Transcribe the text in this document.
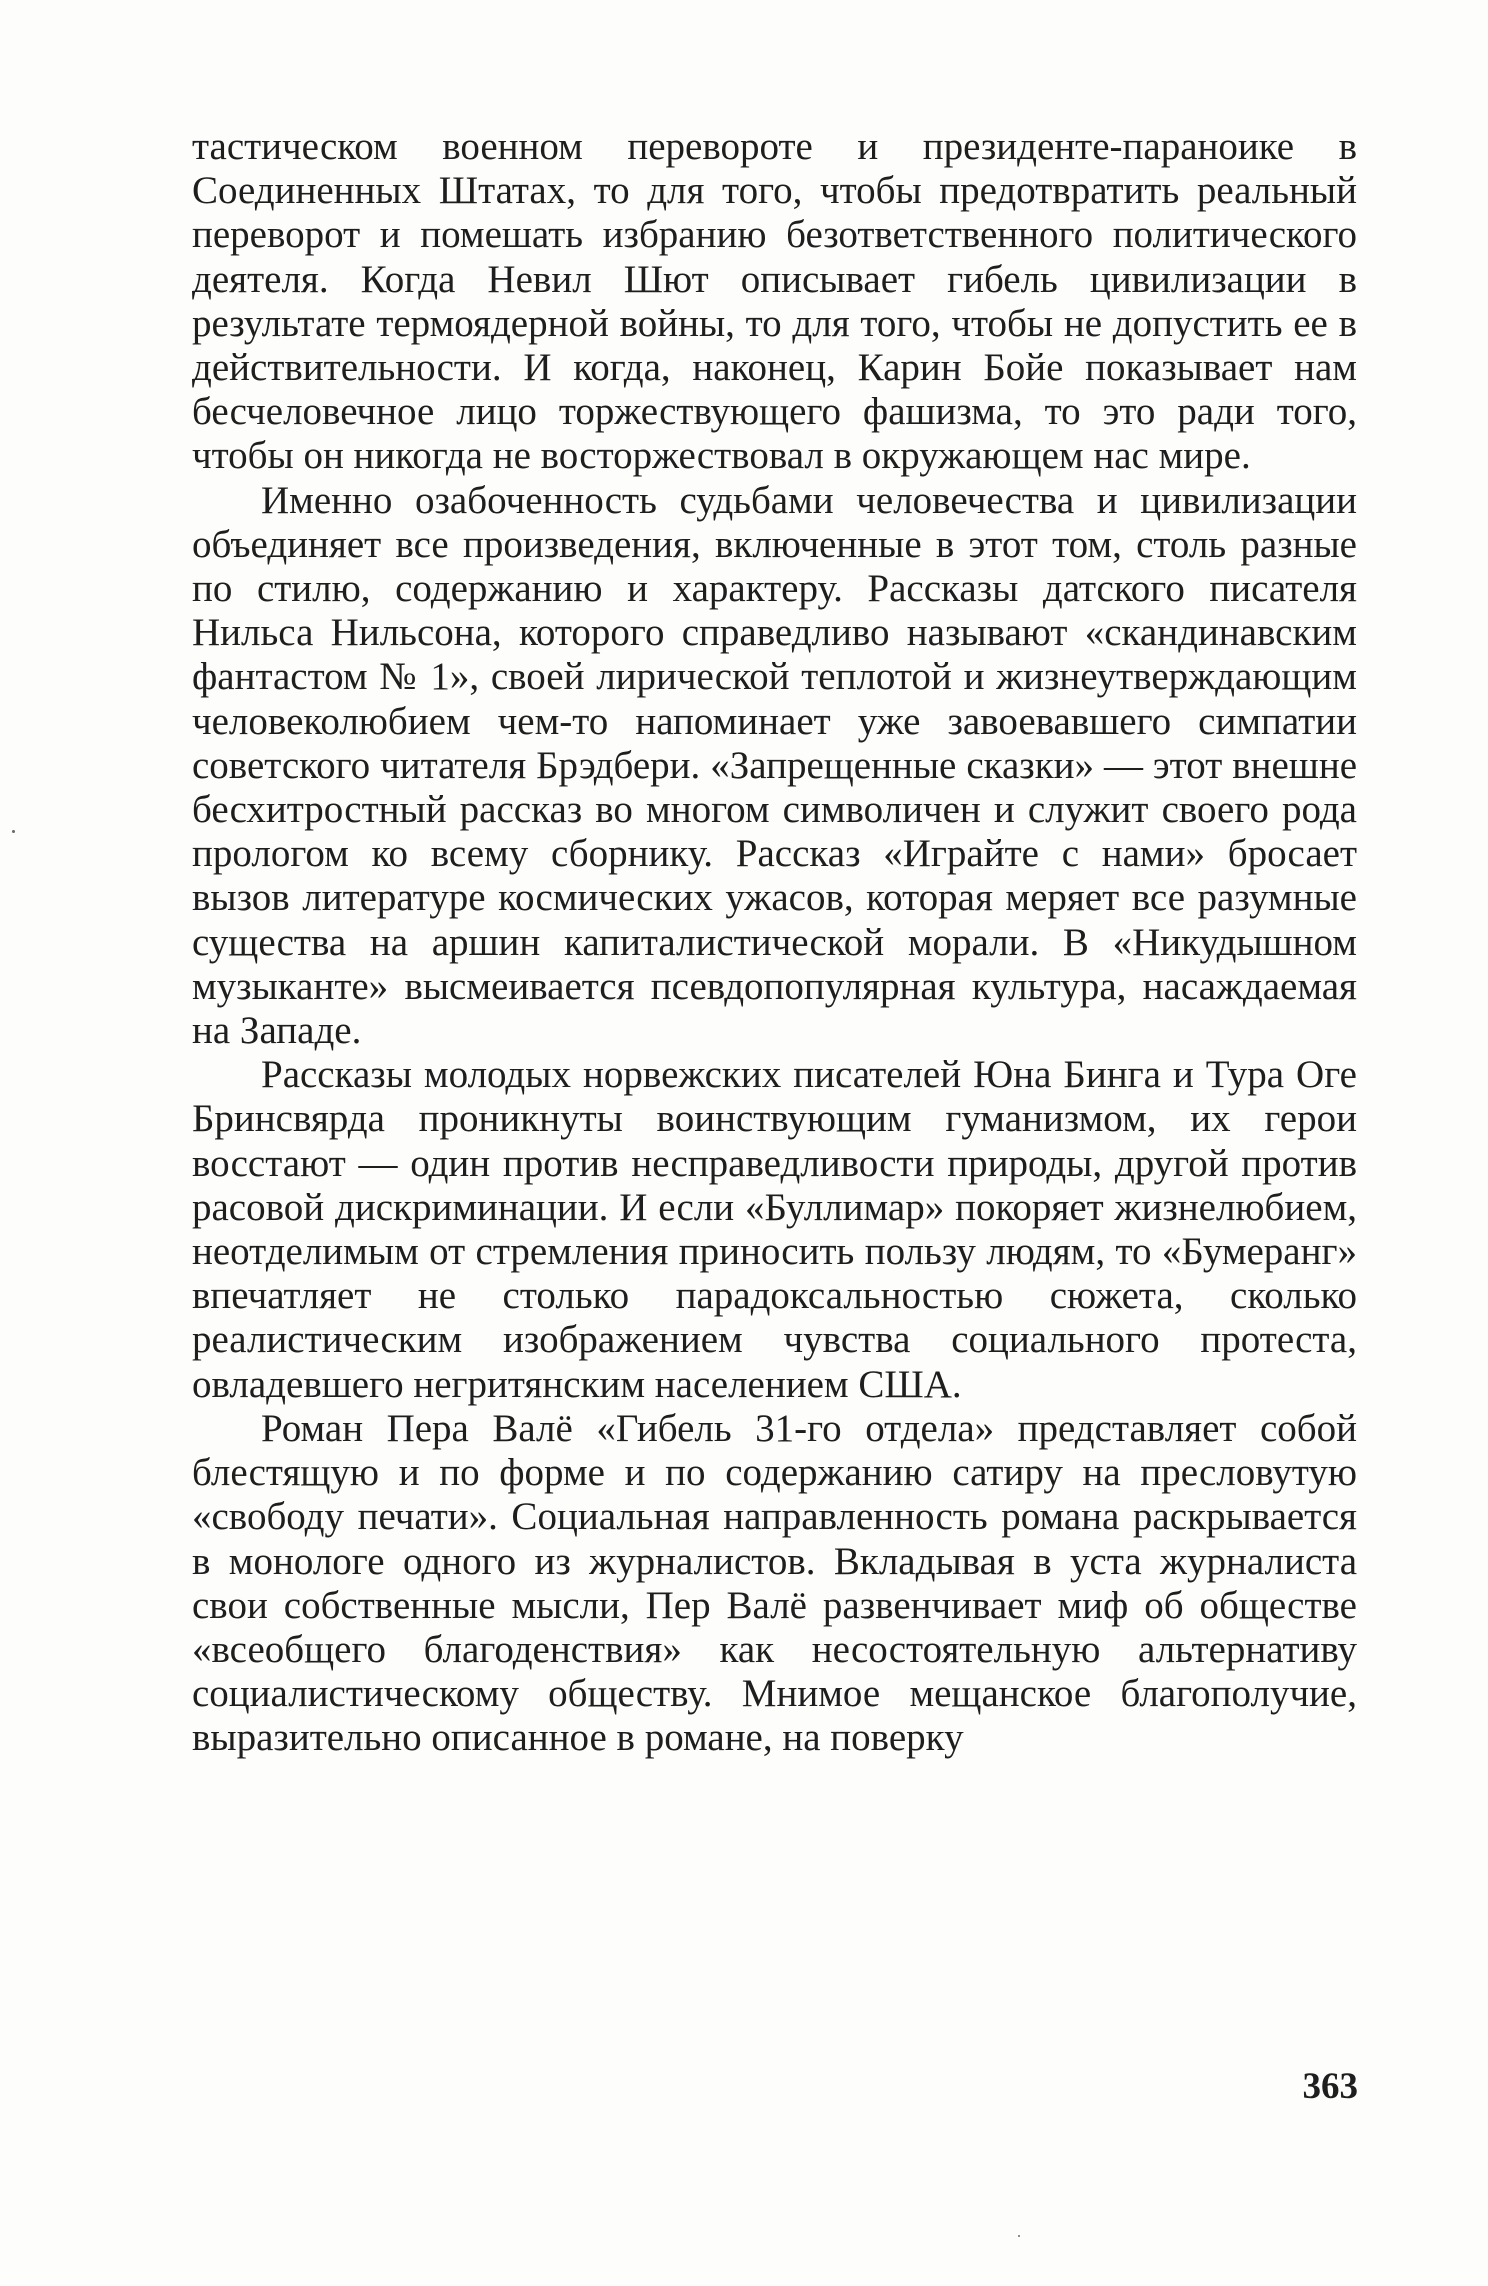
тастическом военном перевороте и президенте-параноике в Соединенных Штатах, то для того, чтобы предотвратить реальный переворот и помешать избранию безответственного политического деятеля. Когда Невил Шют описывает гибель цивилизации в результате термоядерной войны, то для того, чтобы не допустить ее в действительности. И когда, наконец, Карин Бойе показывает нам бесчеловечное лицо торжествующего фашизма, то это ради того, чтобы он никогда не восторжествовал в окружающем нас мире.

Именно озабоченность судьбами человечества и цивилизации объединяет все произведения, включенные в этот том, столь разные по стилю, содержанию и характеру. Рассказы датского писателя Нильса Нильсона, которого справедливо называют «скандинавским фантастом № 1», своей лирической теплотой и жизнеутверждающим человеколюбием чем-то напоминает уже завоевавшего симпатии советского читателя Брэдбери. «Запрещенные сказки» — этот внешне бесхитростный рассказ во многом символичен и служит своего рода прологом ко всему сборнику. Рассказ «Играйте с нами» бросает вызов литературе космических ужасов, которая меряет все разумные существа на аршин капиталистической морали. В «Никудышном музыканте» высмеивается псевдопопулярная культура, насаждаемая на Западе.

Рассказы молодых норвежских писателей Юна Бинга и Тура Оге Бринсвярда проникнуты воинствующим гуманизмом, их герои восстают — один против несправедливости природы, другой против расовой дискриминации. И если «Буллимар» покоряет жизнелюбием, неотделимым от стремления приносить пользу людям, то «Бумеранг» впечатляет не столько парадоксальностью сюжета, сколько реалистическим изображением чувства социального протеста, овладевшего негритянским населением США.

Роман Пера Валё «Гибель 31-го отдела» представляет собой блестящую и по форме и по содержанию сатиру на пресловутую «свободу печати». Социальная направленность романа раскрывается в монологе одного из журналистов. Вкладывая в уста журналиста свои собственные мысли, Пер Валё развенчивает миф об обществе «всеобщего благоденствия» как несостоятельную альтернативу социалистическому обществу. Мнимое мещанское благополучие, выразительно описанное в романе, на поверку

363
